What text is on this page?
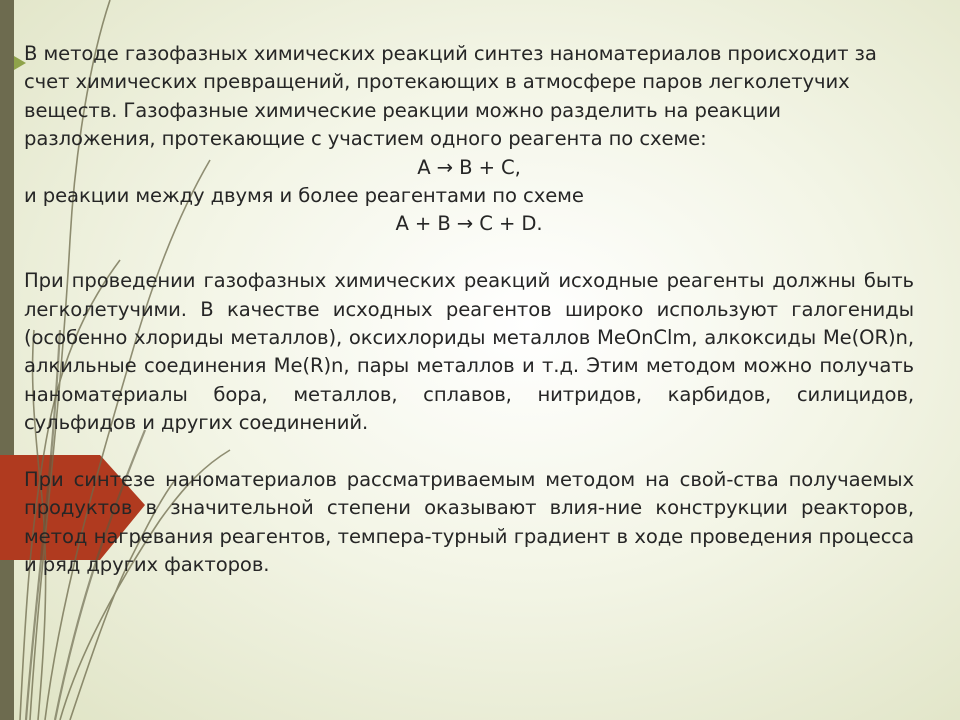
В методе газофазных химических реакций синтез наноматериалов происходит за счет химических превращений, протекающих в атмосфере паров легколетучих веществ. Газофазные химические реакции можно разделить на реакции разложения, протекающие с участием одного реагента по схеме:

A → B + C,

и реакции между двумя и более реагентами по схеме

A + B → C + D.

При проведении газофазных химических реакций исходные реагенты должны быть легколетучими. В качестве исходных реагентов широко используют галогениды (особенно хлориды металлов), оксихлориды металлов MeOnClm, алкоксиды Me(OR)n, алкильные соединения Me(R)n, пары металлов и т.д. Этим методом можно получать наноматериалы бора, металлов, сплавов, нитридов, карбидов, силицидов, сульфидов и других соединений.

При синтезе наноматериалов рассматриваемым методом на свой-ства получаемых продуктов в значительной степени оказывают влия-ние конструкции реакторов, метод нагревания реагентов, темпера-турный градиент в ходе проведения процесса и ряд других факторов.
